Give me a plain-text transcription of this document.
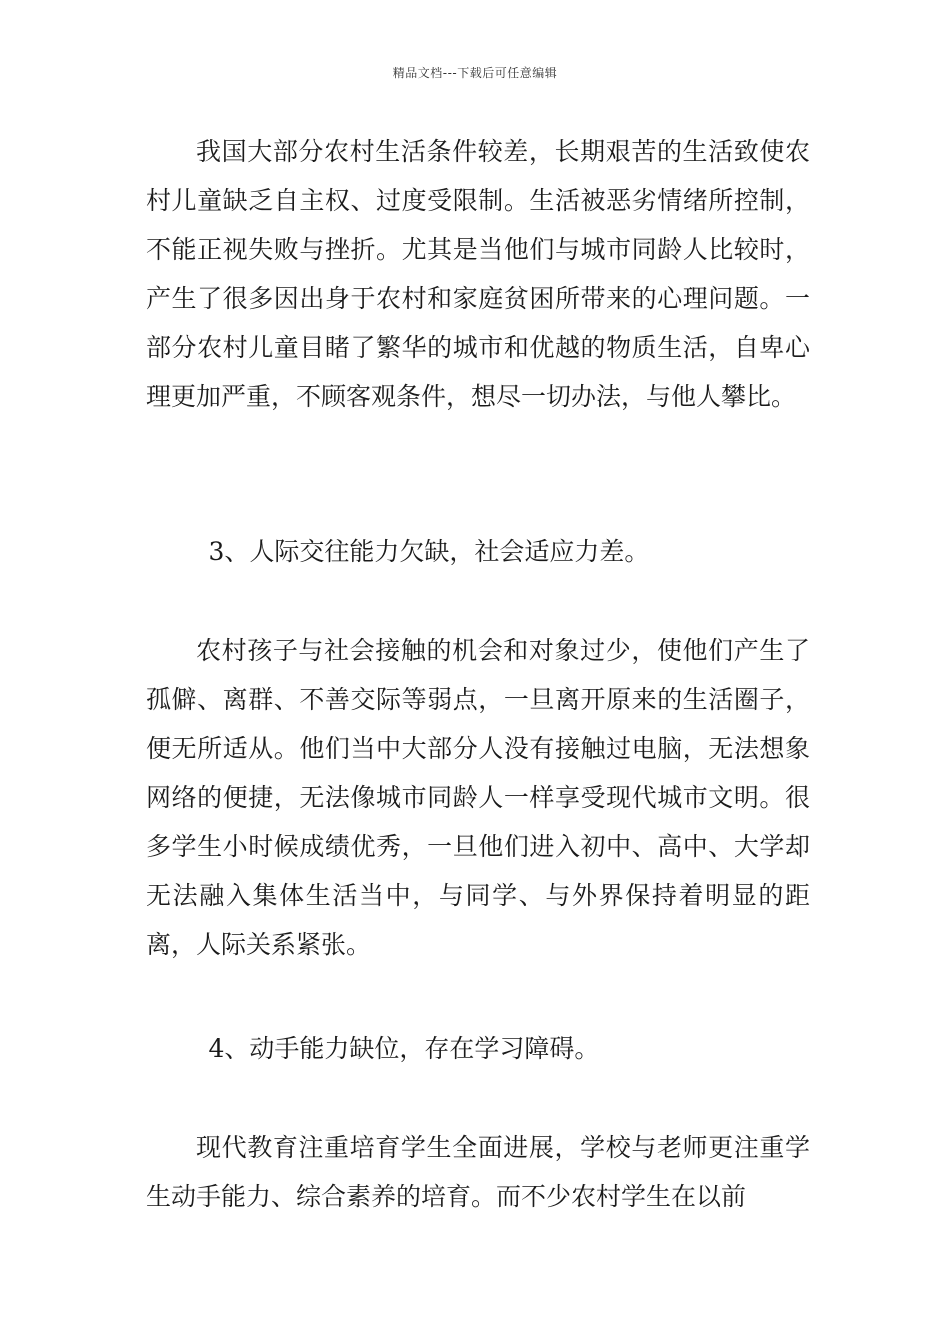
精品文档---下载后可任意编辑

我国大部分农村生活条件较差，长期艰苦的生活致使农村儿童缺乏自主权、过度受限制。生活被恶劣情绪所控制，不能正视失败与挫折。尤其是当他们与城市同龄人比较时，产生了很多因出身于农村和家庭贫困所带来的心理问题。一部分农村儿童目睹了繁华的城市和优越的物质生活，自卑心理更加严重，不顾客观条件，想尽一切办法，与他人攀比。

3、人际交往能力欠缺，社会适应力差。

农村孩子与社会接触的机会和对象过少，使他们产生了孤僻、离群、不善交际等弱点，一旦离开原来的生活圈子，便无所适从。他们当中大部分人没有接触过电脑，无法想象网络的便捷，无法像城市同龄人一样享受现代城市文明。很多学生小时候成绩优秀，一旦他们进入初中、高中、大学却无法融入集体生活当中，与同学、与外界保持着明显的距离，人际关系紧张。

4、动手能力缺位，存在学习障碍。

现代教育注重培育学生全面进展，学校与老师更注重学生动手能力、综合素养的培育。而不少农村学生在以前
